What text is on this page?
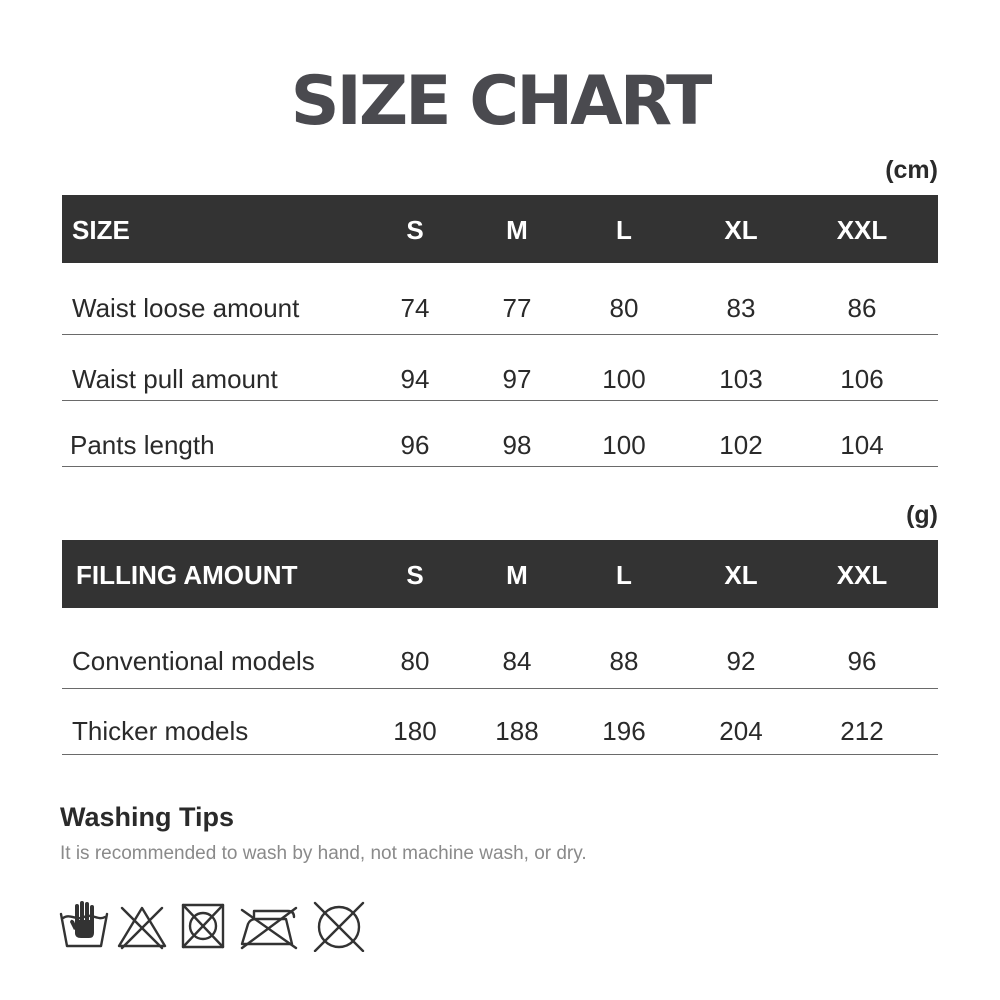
SIZE CHART
(cm)
SIZE	S	M	L	XL	XXL
Waist loose amount	74	77	80	83	86
Waist pull amount	94	97	100	103	106
Pants length	96	98	100	102	104
(g)
FILLING AMOUNT	S	M	L	XL	XXL
Conventional models	80	84	88	92	96
Thicker models	180	188	196	204	212
Washing Tips
It is recommended to wash by hand, not machine wash, or dry.
